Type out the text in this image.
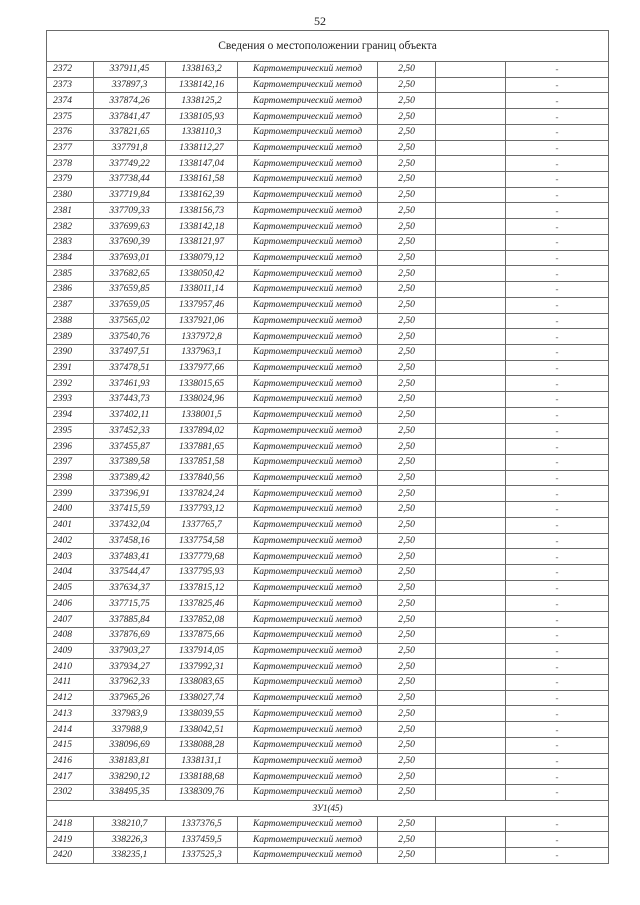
52
Сведения о местоположении границ объекта						
2372	337911,45	1338163,2	Картометрический метод	2,50		-
2373	337897,3	1338142,16	Картометрический метод	2,50		-
2374	337874,26	1338125,2	Картометрический метод	2,50		-
2375	337841,47	1338105,93	Картометрический метод	2,50		-
2376	337821,65	1338110,3	Картометрический метод	2,50		-
2377	337791,8	1338112,27	Картометрический метод	2,50		-
2378	337749,22	1338147,04	Картометрический метод	2,50		-
2379	337738,44	1338161,58	Картометрический метод	2,50		-
2380	337719,84	1338162,39	Картометрический метод	2,50		-
2381	337709,33	1338156,73	Картометрический метод	2,50		-
2382	337699,63	1338142,18	Картометрический метод	2,50		-
2383	337690,39	1338121,97	Картометрический метод	2,50		-
2384	337693,01	1338079,12	Картометрический метод	2,50		-
2385	337682,65	1338050,42	Картометрический метод	2,50		-
2386	337659,85	1338011,14	Картометрический метод	2,50		-
2387	337659,05	1337957,46	Картометрический метод	2,50		-
2388	337565,02	1337921,06	Картометрический метод	2,50		-
2389	337540,76	1337972,8	Картометрический метод	2,50		-
2390	337497,51	1337963,1	Картометрический метод	2,50		-
2391	337478,51	1337977,66	Картометрический метод	2,50		-
2392	337461,93	1338015,65	Картометрический метод	2,50		-
2393	337443,73	1338024,96	Картометрический метод	2,50		-
2394	337402,11	1338001,5	Картометрический метод	2,50		-
2395	337452,33	1337894,02	Картометрический метод	2,50		-
2396	337455,87	1337881,65	Картометрический метод	2,50		-
2397	337389,58	1337851,58	Картометрический метод	2,50		-
2398	337389,42	1337840,56	Картометрический метод	2,50		-
2399	337396,91	1337824,24	Картометрический метод	2,50		-
2400	337415,59	1337793,12	Картометрический метод	2,50		-
2401	337432,04	1337765,7	Картометрический метод	2,50		-
2402	337458,16	1337754,58	Картометрический метод	2,50		-
2403	337483,41	1337779,68	Картометрический метод	2,50		-
2404	337544,47	1337795,93	Картометрический метод	2,50		-
2405	337634,37	1337815,12	Картометрический метод	2,50		-
2406	337715,75	1337825,46	Картометрический метод	2,50		-
2407	337885,84	1337852,08	Картометрический метод	2,50		-
2408	337876,69	1337875,66	Картометрический метод	2,50		-
2409	337903,27	1337914,05	Картометрический метод	2,50		-
2410	337934,27	1337992,31	Картометрический метод	2,50		-
2411	337962,33	1338083,65	Картометрический метод	2,50		-
2412	337965,26	1338027,74	Картометрический метод	2,50		-
2413	337983,9	1338039,55	Картометрический метод	2,50		-
2414	337988,9	1338042,51	Картометрический метод	2,50		-
2415	338096,69	1338088,28	Картометрический метод	2,50		-
2416	338183,81	1338131,1	Картометрический метод	2,50		-
2417	338290,12	1338188,68	Картометрический метод	2,50		-
2302	338495,35	1338309,76	Картометрический метод	2,50		-
ЗУ1(45)						
2418	338210,7	1337376,5	Картометрический метод	2,50		-
2419	338226,3	1337459,5	Картометрический метод	2,50		-
2420	338235,1	1337525,3	Картометрический метод	2,50		-
